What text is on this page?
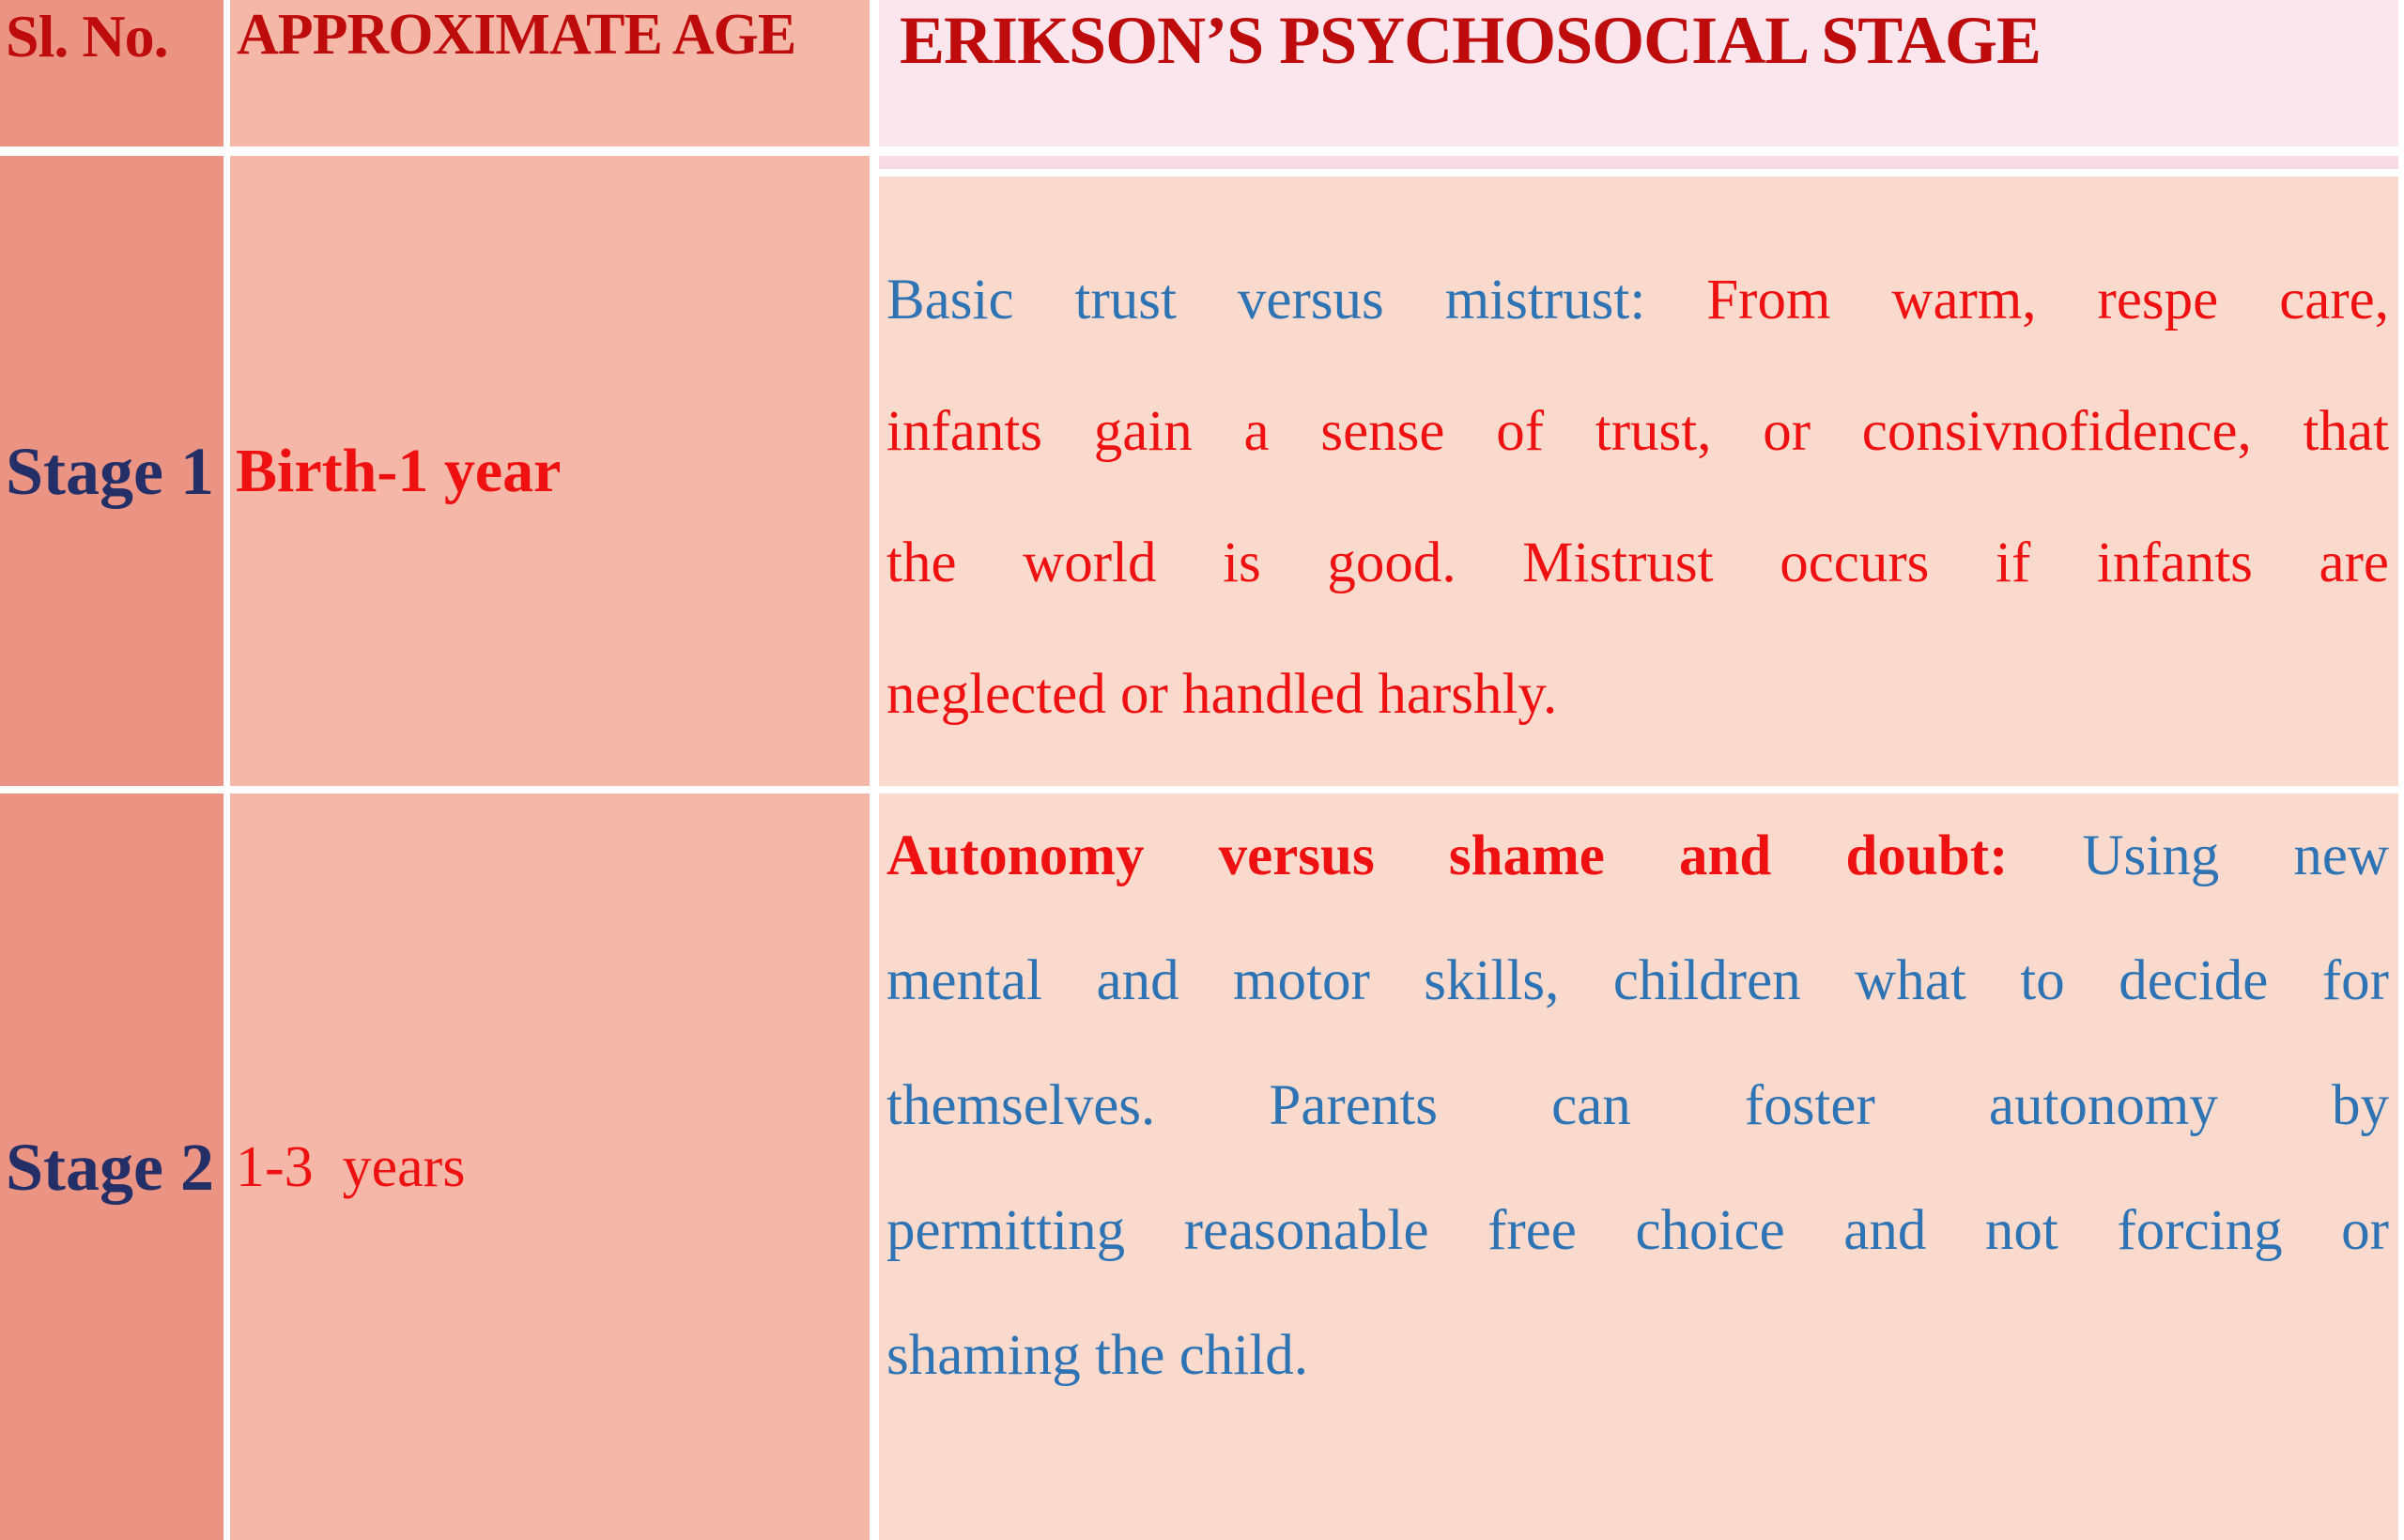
Sl. No.	APPROXIMATE AGE	ERIKSON’S PSYCHOSOCIAL STAGE
Stage 1 Birth-1 year
Basic trust versus mistrust: From warm, respe care,
infants gain a sense of trust, or consivnofidence, that
the world is good. Mistrust occurs if infants are
neglected or handled harshly.
Stage 2 1-3  years
Autonomy versus shame and doubt: Using new
mental and motor skills, children what to decide for
themselves. Parents can foster autonomy by
permitting reasonable free choice and not forcing or
shaming the child.
